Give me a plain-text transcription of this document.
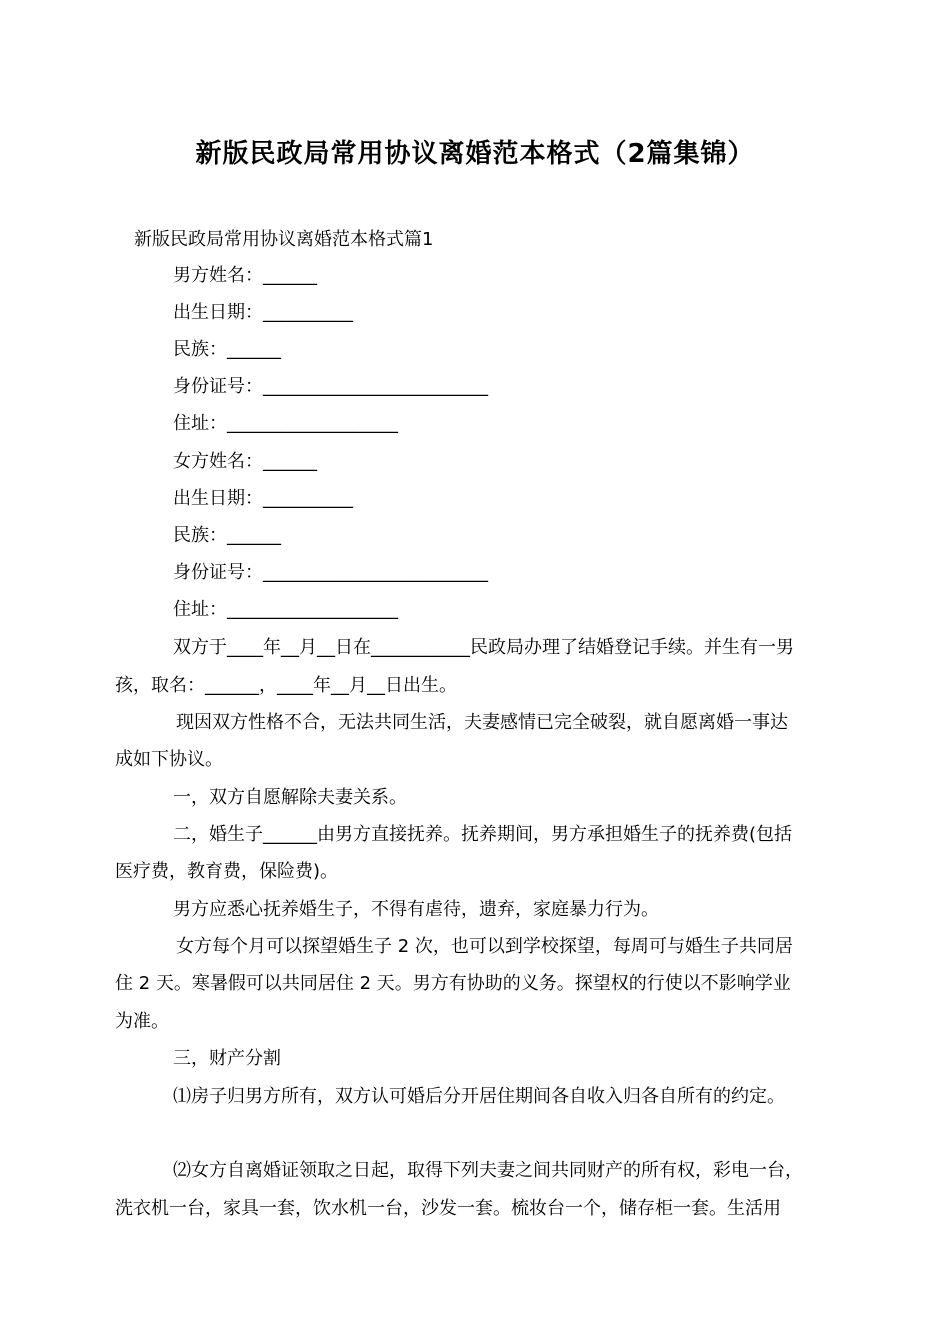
新版民政局常用协议离婚范本格式（2篇集锦）
新版民政局常用协议离婚范本格式篇1
男方姓名：______
出生日期：__________
民族：______
身份证号：_________________________
住址：___________________
女方姓名：______
出生日期：__________
民族：______
身份证号：_________________________
住址：___________________
双方于____年__月__日在___________民政局办理了结婚登记手续。并生有一男
孩，取名：______，____年__月__日出生。
现因双方性格不合，无法共同生活，夫妻感情已完全破裂，就自愿离婚一事达
成如下协议。
一，双方自愿解除夫妻关系。
二，婚生子______由男方直接抚养。抚养期间，男方承担婚生子的抚养费(包括
医疗费，教育费，保险费)。
男方应悉心抚养婚生子，不得有虐待，遗弃，家庭暴力行为。
女方每个月可以探望婚生子 2 次，也可以到学校探望，每周可与婚生子共同居
住 2 天。寒暑假可以共同居住 2 天。男方有协助的义务。探望权的行使以不影响学业
为准。
三，财产分割
⑴房子归男方所有，双方认可婚后分开居住期间各自收入归各自所有的约定。
⑵女方自离婚证领取之日起，取得下列夫妻之间共同财产的所有权，彩电一台，
洗衣机一台，家具一套，饮水机一台，沙发一套。梳妆台一个，储存柜一套。生活用
